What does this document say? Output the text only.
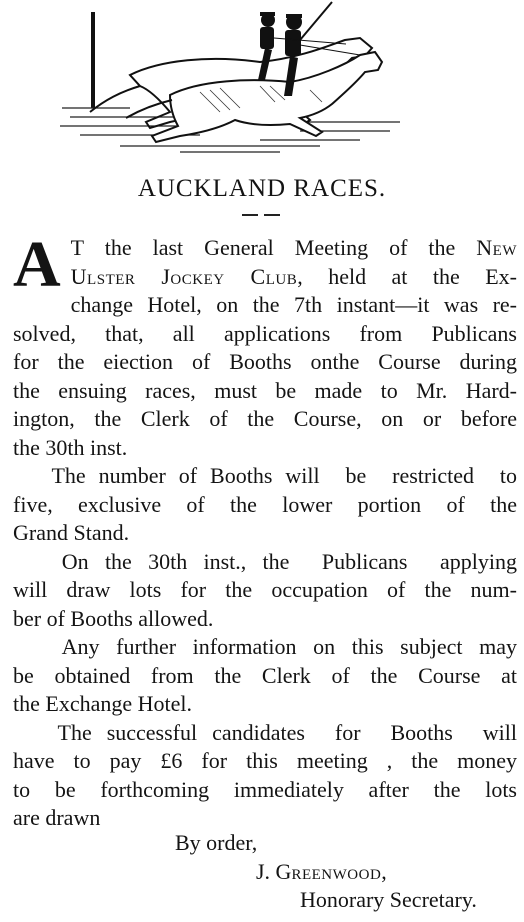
AUCKLAND RACES.

A T the last General Meeting of the New
Ulster Jockey Club, held at the Ex-
change Hotel, on the 7th instant—it was re-
solved, that, all applications from Publicans
for the eiection of Booths onthe Course during
the ensuing races, must be made to Mr. Hard-
ington, the Clerk of the Course, on or before
the 30th inst.

The number of Booths will  be  restricted  to
five, exclusive of the lower portion of the
Grand Stand.

On the 30th inst., the  Publicans  applying
will draw lots for the occupation of the num-
ber of Booths allowed.

Any further information on this subject may
be obtained from the Clerk of the Course at
the Exchange Hotel.

The successful candidates  for  Booths  will
have to pay £6 for this meeting , the money
to be forthcoming immediately after the lots
are drawn

By order,
J. Greenwood,
Honorary Secretary.
